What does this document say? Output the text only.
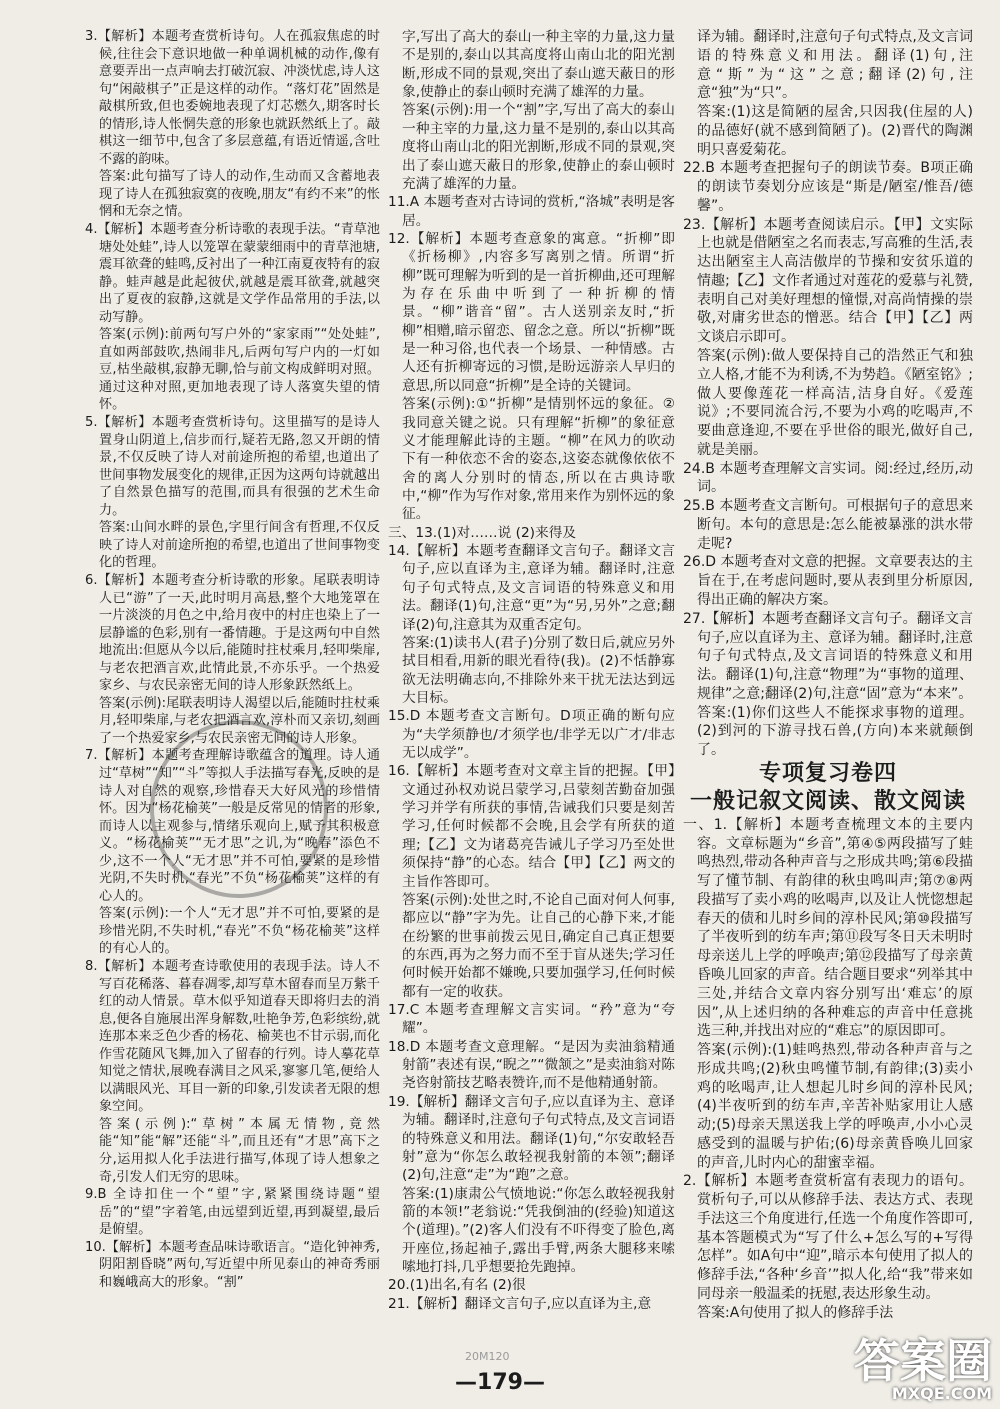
3.【解析】本题考查赏析诗句。人在孤寂焦虑的时候,往往会下意识地做一种单调机械的动作,像有意要弄出一点声响去打破沉寂、冲淡忧虑,诗人这句“闲敲棋子”正是这样的动作。“落灯花”固然是敲棋所致,但也委婉地表现了灯芯燃久,期客时长的情形,诗人怅惘失意的形象也就跃然纸上了。敲棋这一细节中,包含了多层意蕴,有语近情遥,含吐不露的韵味。

答案:此句描写了诗人的动作,生动而又含蓄地表现了诗人在孤独寂寞的夜晚,朋友“有约不来”的怅惘和无奈之情。

4.【解析】本题考查分析诗歌的表现手法。“青草池塘处处蛙”,诗人以笼罩在蒙蒙细雨中的青草池塘,震耳欲聋的蛙鸣,反衬出了一种江南夏夜特有的寂静。蛙声越是此起彼伏,就越是震耳欲聋,就越突出了夏夜的寂静,这就是文学作品常用的手法,以动写静。

答案(示例):前两句写户外的“家家雨”“处处蛙”,直如两部鼓吹,热闹非凡,后两句写户内的一灯如豆,枯坐敲棋,寂静无聊,恰与前文构成鲜明对照。通过这种对照,更加地表现了诗人落寞失望的情怀。

5.【解析】本题考查赏析诗句。这里描写的是诗人置身山阴道上,信步而行,疑若无路,忽又开朗的情景,不仅反映了诗人对前途所抱的希望,也道出了世间事物发展变化的规律,正因为这两句诗就越出了自然景色描写的范围,而具有很强的艺术生命力。

答案:山间水畔的景色,字里行间含有哲理,不仅反映了诗人对前途所抱的希望,也道出了世间事物变化的哲理。

6.【解析】本题考查分析诗歌的形象。尾联表明诗人已“游”了一天,此时明月高悬,整个大地笼罩在一片淡淡的月色之中,给月夜中的村庄也染上了一层静谧的色彩,别有一番情趣。于是这两句中自然地流出:但愿从今以后,能随时拄杖乘月,轻叩柴扉,与老农把酒言欢,此情此景,不亦乐乎。一个热爱家乡、与农民亲密无间的诗人形象跃然纸上。

答案(示例):尾联表明诗人渴望以后,能随时拄杖乘月,轻叩柴扉,与老农把酒言欢,淳朴而又亲切,刻画了一个热爱家乡,与农民亲密无间的诗人形象。

7.【解析】本题考查理解诗歌蕴含的道理。诗人通过“草树”“知”“斗”等拟人手法描写春光,反映的是诗人对自然的观察,珍惜春天大好风光的珍惜情怀。因为“杨花榆荚”一般是反常见的情者的形象,而诗人以主观参与,情绪乐观向上,赋予其积极意义。“杨花榆荚”“无才思”之讥,为“晚春”添色不少,这不一个人“无才思”并不可怕,要紧的是珍惜光阴,不失时机,“春光”不负“杨花榆荚”这样的有心人的。

答案(示例):一个人“无才思”并不可怕,要紧的是珍惜光阴,不失时机,“春光”不负“杨花榆荚”这样的有心人的。

8.【解析】本题考查诗歌使用的表现手法。诗人不写百花稀落、暮春凋零,却写草木留春而呈万紫千红的动人情景。草木似乎知道春天即将归去的消息,便各自施展出浑身解数,吐艳争芳,色彩缤纷,就连那本来乏色少香的杨花、榆荚也不甘示弱,而化作雪花随风飞舞,加入了留春的行列。诗人摹花草知觉之情状,展晚春满目之风采,寥寥几笔,便给人以满眼风光、耳目一新的印象,引发读者无限的想象空间。

答案(示例):“草树”本属无情物,竟然能“知”能“解”还能“斗”,而且还有“才思”高下之分,运用拟人化手法进行描写,体现了诗人想象之奇,引发人们无穷的思味。

9.B 全诗扣住一个“望”字,紧紧围绕诗题“望岳”的“望”字着笔,由远望到近望,再到凝望,最后是俯望。

10.【解析】本题考查品味诗歌语言。“造化钟神秀,阴阳割昏晓”两句,写近望中所见泰山的神奇秀丽和巍峨高大的形象。“割”

字,写出了高大的泰山一种主宰的力量,这力量不是别的,泰山以其高度将山南山北的阳光割断,形成不同的景观,突出了泰山遮天蔽日的形象,使静止的泰山顿时充满了雄浑的力量。

答案(示例):用一个“割”字,写出了高大的泰山一种主宰的力量,这力量不是别的,泰山以其高度将山南山北的阳光割断,形成不同的景观,突出了泰山遮天蔽日的形象,使静止的泰山顿时充满了雄浑的力量。

11.A 本题考查对古诗词的赏析,“洛城”表明是客居。

12.【解析】本题考查意象的寓意。“折柳”即《折杨柳》,内容多写离别之情。所谓“折柳”既可理解为听到的是一首折柳曲,还可理解为存在乐曲中听到了一种折柳的情景。“柳”谐音“留”。古人送别亲友时,“折柳”相赠,暗示留恋、留念之意。所以“折柳”既是一种习俗,也代表一个场景、一种情感。古人还有折柳寄远的习惯,是盼远游亲人早归的意思,所以同意“折柳”是全诗的关键词。

答案(示例):①“折柳”是情别怀远的象征。②我同意关键之说。只有理解“折柳”的象征意义才能理解此诗的主题。“柳”在风力的吹动下有一种依恋不舍的姿态,这姿态就像依依不舍的离人分别时的情态,所以在古典诗歌中,“柳”作为写作对象,常用来作为别怀远的象征。

三、13.(1)对……说 (2)来得及

14.【解析】本题考查翻译文言句子。翻译文言句子,应以直译为主,意译为辅。翻译时,注意句子句式特点,及文言词语的特殊意义和用法。翻译(1)句,注意“更”为“另,另外”之意;翻译(2)句,注意其为双重否定句。

答案:(1)读书人(君子)分别了数日后,就应另外拭目相看,用新的眼光看待(我)。(2)不恬静寡欲无法明确志向,不排除外来干扰无法达到远大目标。

15.D 本题考查文言断句。D项正确的断句应为“夫学须静也/才须学也/非学无以广才/非志无以成学”。

16.【解析】本题考查对文章主旨的把握。【甲】文通过孙权劝说吕蒙学习,吕蒙刻苦勤奋加强学习并学有所获的事情,告诫我们只要是刻苦学习,任何时候都不会晚,且会学有所获的道理;【乙】文为诸葛亮告诫儿子学习乃至处世须保持“静”的心态。结合【甲】【乙】两文的主旨作答即可。

答案(示例):处世之时,不论自己面对何人何事,都应以“静”字为先。让自己的心静下来,才能在纷繁的世事前拨云见日,确定自己真正想要的东西,再为之努力而不至于盲从迷失;学习任何时候开始都不嫌晚,只要加强学习,任何时候都有一定的收获。

17.C 本题考查理解文言实词。“矜”意为“夸耀”。

18.D 本题考查文意理解。“是因为卖油翁精通射箭”表述有误,“睨之”“微颔之”是卖油翁对陈尧咨射箭技艺略表赞许,而不是他精通射箭。

19.【解析】翻译文言句子,应以直译为主、意译为辅。翻译时,注意句子句式特点,及文言词语的特殊意义和用法。翻译(1)句,“尔安敢轻吾射”意为“你怎么敢轻视我射箭的本领”;翻译(2)句,注意“走”为“跑”之意。

答案:(1)康肃公气愤地说:“你怎么敢轻视我射箭的本领!”老翁说:“凭我倒油的(经验)知道这个(道理)。”(2)客人们没有不吓得变了脸色,离开座位,扬起袖子,露出手臂,两条大腿移来嗦嗦地打抖,几乎想要抢先跑掉。

20.(1)出名,有名 (2)很

21.【解析】翻译文言句子,应以直译为主,意

译为辅。翻译时,注意句子句式特点,及文言词语的特殊意义和用法。翻译(1)句,注意“斯”为“这”之意;翻译(2)句,注意“独”为“只”。

答案:(1)这是简陋的屋舍,只因我(住屋的人)的品德好(就不感到简陋了)。(2)晋代的陶渊明只喜爱菊花。

22.B 本题考查把握句子的朗读节奏。B项正确的朗读节奏划分应该是“斯是/陋室/惟吾/德馨”。

23.【解析】本题考查阅读启示。【甲】文实际上也就是借陋室之名而表志,写高雅的生活,表达出陋室主人高洁傲岸的节操和安贫乐道的情趣;【乙】文作者通过对莲花的爱慕与礼赞,表明自己对美好理想的憧憬,对高尚情操的崇敬,对庸劣世态的憎恶。结合【甲】【乙】两文谈启示即可。

答案(示例):做人要保持自己的浩然正气和独立人格,才能不为利诱,不为势趋。《陋室铭》;做人要像莲花一样高洁,洁身自好。《爱莲说》;不要同流合污,不要为小鸡的吃喝声,不要曲意逢迎,不要在乎世俗的眼光,做好自己,就是美丽。

24.B 本题考查理解文言实词。阅:经过,经历,动词。

25.B 本题考查文言断句。可根据句子的意思来断句。本句的意思是:怎么能被暴涨的洪水带走呢?

26.D 本题考查对文意的把握。文章要表达的主旨在于,在考虑问题时,要从表到里分析原因,得出正确的解决方案。

27.【解析】本题考查翻译文言句子。翻译文言句子,应以直译为主、意译为辅。翻译时,注意句子句式特点,及文言词语的特殊意义和用法。翻译(1)句,注意“物理”为“事物的道理、规律”之意;翻译(2)句,注意“固”意为“本来”。

答案:(1)你们这些人不能探求事物的道理。(2)到河的下游寻找石兽,(方向)本来就颠倒了。

专项复习卷四

一般记叙文阅读、散文阅读

一、1.【解析】本题考查梳理文本的主要内容。文章标题为“乡音”,第④⑤两段描写了蛙鸣热烈,带动各种声音与之形成共鸣;第⑥段描写了懂节制、有韵律的秋虫鸣叫声;第⑦⑧两段描写了卖小鸡的吆喝声,以及让人恍惚想起春天的债和儿时乡间的淳朴民风;第⑩段描写了半夜听到的纺车声;第⑪段写冬日天未明时母亲送儿上学的呼唤声;第⑫段描写了母亲黄昏唤儿回家的声音。结合题目要求“列举其中三处,并结合文章内容分别写出‘难忘’的原因”,从上述归纳的各种难忘的声音中任意挑选三种,并找出对应的“难忘”的原因即可。

答案(示例):(1)蛙鸣热烈,带动各种声音与之形成共鸣;(2)秋虫鸣懂节制,有韵律;(3)卖小鸡的吆喝声,让人想起儿时乡间的淳朴民风;(4)半夜听到的纺车声,辛苦补贴家用让人感动;(5)母亲天黑送我上学的呼唤声,小小心灵感受到的温暖与护佑;(6)母亲黄昏唤儿回家的声音,儿时内心的甜蜜幸福。

2.【解析】本题考查赏析富有表现力的语句。赏析句子,可以从修辞手法、表达方式、表现手法这三个角度进行,任选一个角度作答即可,基本答题模式为“写了什么+怎么写的+写得怎样”。如A句中“迎”,暗示本句使用了拟人的修辞手法,“各种‘乡音’”拟人化,给“我”带来如同母亲一般温柔的抚慰,表达形象生动。

答案:A句使用了拟人的修辞手法

20M120
—179—	答案圈
MXQE.COM
